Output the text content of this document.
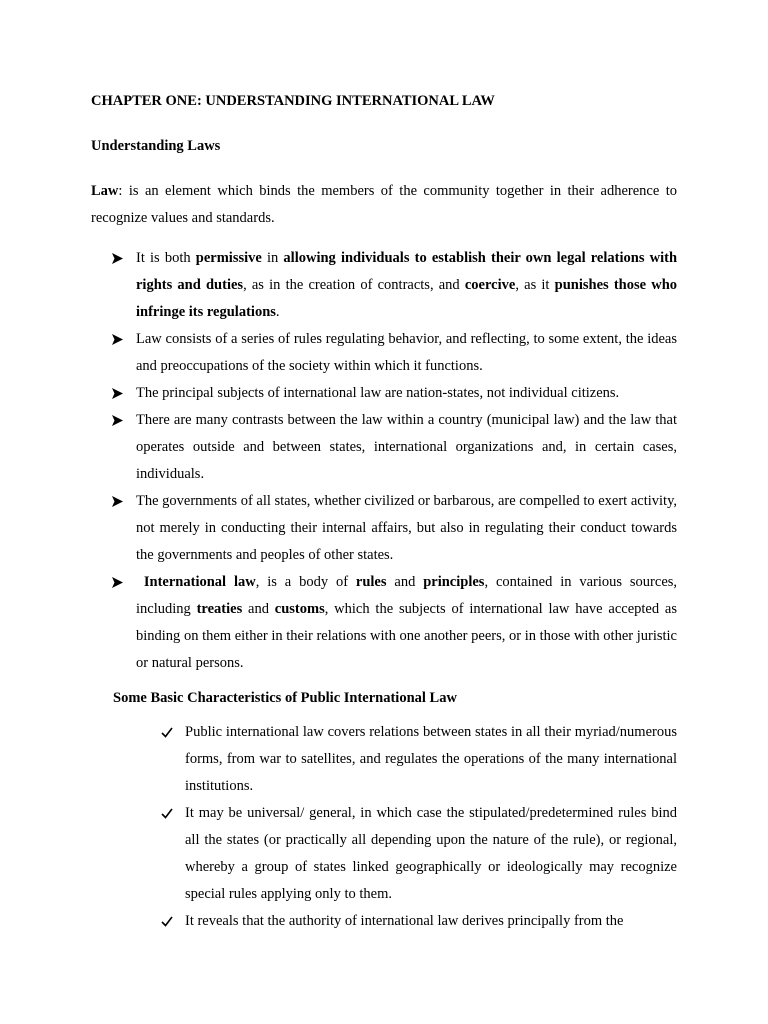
CHAPTER ONE: UNDERSTANDING INTERNATIONAL LAW
Understanding Laws

Law: is an element which binds the members of the community together in their adherence to recognize values and standards.

It is both permissive in allowing individuals to establish their own legal relations with rights and duties, as in the creation of contracts, and coercive, as it punishes those who infringe its regulations.
Law consists of a series of rules regulating behavior, and reflecting, to some extent, the ideas and preoccupations of the society within which it functions.
The principal subjects of international law are nation-states, not individual citizens.
There are many contrasts between the law within a country (municipal law) and the law that operates outside and between states, international organizations and, in certain cases, individuals.
The governments of all states, whether civilized or barbarous, are compelled to exert activity, not merely in conducting their internal affairs, but also in regulating their conduct towards the governments and peoples of other states.
International law, is a body of rules and principles, contained in various sources, including treaties and customs, which the subjects of international law have accepted as binding on them either in their relations with one another peers, or in those with other juristic or natural persons.
Some Basic Characteristics of Public International Law
Public international law covers relations between states in all their myriad/numerous forms, from war to satellites, and regulates the operations of the many international institutions.
It may be universal/ general, in which case the stipulated/predetermined rules bind all the states (or practically all depending upon the nature of the rule), or regional, whereby a group of states linked geographically or ideologically may recognize special rules applying only to them.
It reveals that the authority of international law derives principally from the
